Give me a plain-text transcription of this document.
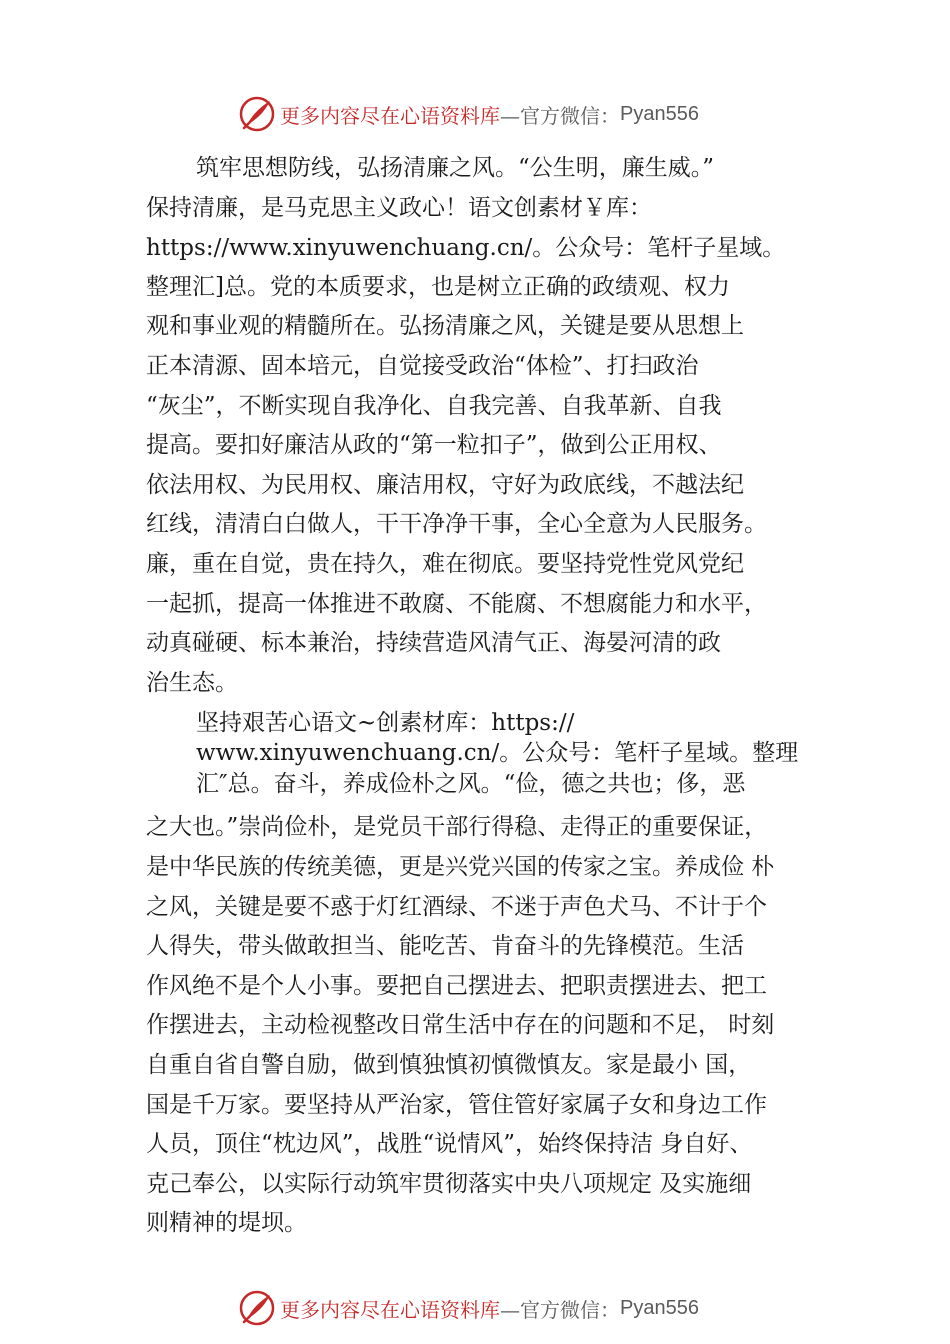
更多内容尽在心语资料库 —官方微信： Pyan556
筑牢思想防线，弘扬清廉之风。“公生明，廉生威。”
保持清廉，是马克思主义政心！语文创素材￥库：
https://www.xinyuwenchuang.cn/。公众号：笔杆子星域。
整理汇]总。党的本质要求，也是树立正确的政绩观、权力
观和事业观的精髓所在。弘扬清廉之风，关键是要从思想上
正本清源、固本培元，自觉接受政治“体检”、打扫政治
“灰尘”，不断实现自我净化、自我完善、自我革新、自我
提高。要扣好廉洁从政的“第一粒扣子”，做到公正用权、
依法用权、为民用权、廉洁用权，守好为政底线，不越法纪
红线，清清白白做人，干干净净干事，全心全意为人民服务。
廉，重在自觉，贵在持久，难在彻底。要坚持党性党风党纪
一起抓，提高一体推进不敢腐、不能腐、不想腐能力和水平，
动真碰硬、标本兼治，持续营造风清气正、海晏河清的政
治生态。
坚持艰苦心语文~创素材库：https://
www.xinyuwenchuang.cn/。公众号：笔杆子星域。整理
汇″总。奋斗，养成俭朴之风。“俭，德之共也；侈，恶
之大也。”崇尚俭朴，是党员干部行得稳、走得正的重要保证，
是中华民族的传统美德，更是兴党兴国的传家之宝。养成俭 朴
之风，关键是要不惑于灯红酒绿、不迷于声色犬马、不计于个
人得失，带头做敢担当、能吃苦、肯奋斗的先锋模范。生活
作风绝不是个人小事。要把自己摆进去、把职责摆进去、把工
作摆进去，主动检视整改日常生活中存在的问题和不足， 时刻
自重自省自警自励，做到慎独慎初慎微慎友。家是最小 国，
国是千万家。要坚持从严治家，管住管好家属子女和身边工作
人员，顶住“枕边风”，战胜“说情风”，始终保持洁 身自好、
克己奉公，以实际行动筑牢贯彻落实中央八项规定 及实施细
则精神的堤坝。
更多内容尽在心语资料库 —官方微信： Pyan556
